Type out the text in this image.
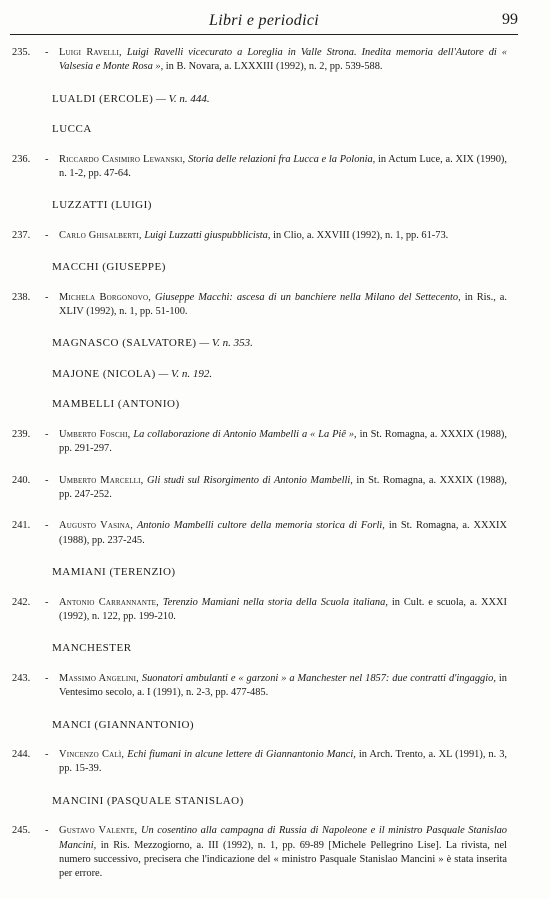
Libri e periodici	99
235.	- Luigi Ravelli, Luigi Ravelli vicecurato a Loreglia in Valle Strona. Inedita memoria dell'Autore di « Valsesia e Monte Rosa », in B. Novara, a. LXXXIII (1992), n. 2, pp. 539-588.
LUALDI (ERCOLE) — V. n. 444.
LUCCA
236.	- Riccardo Casimiro Lewanski, Storia delle relazioni fra Lucca e la Polonia, in Actum Luce, a. XIX (1990), n. 1-2, pp. 47-64.
LUZZATTI (LUIGI)
237.	- Carlo Ghisalberti, Luigi Luzzatti giuspubblicista, in Clio, a. XXVIII (1992), n. 1, pp. 61-73.
MACCHI (GIUSEPPE)
238.	- Michela Borgonovo, Giuseppe Macchi: ascesa di un banchiere nella Milano del Settecento, in Ris., a. XLIV (1992), n. 1, pp. 51-100.
MAGNASCO (SALVATORE) — V. n. 353.
MAJONE (NICOLA) — V. n. 192.
MAMBELLI (ANTONIO)
239.	- Umberto Foschi, La collaborazione di Antonio Mambelli a « La Piê », in St. Romagna, a. XXXIX (1988), pp. 291-297.
240.	- Umberto Marcelli, Gli studi sul Risorgimento di Antonio Mambelli, in St. Romagna, a. XXXIX (1988), pp. 247-252.
241.	- Augusto Vasina, Antonio Mambelli cultore della memoria storica di Forlì, in St. Romagna, a. XXXIX (1988), pp. 237-245.
MAMIANI (TERENZIO)
242.	- Antonio Carrannante, Terenzio Mamiani nella storia della Scuola italiana, in Cult. e scuola, a. XXXI (1992), n. 122, pp. 199-210.
MANCHESTER
243.	- Massimo Angelini, Suonatori ambulanti e « garzoni » a Manchester nel 1857: due contratti d'ingaggio, in Ventesimo secolo, a. I (1991), n. 2-3, pp. 477-485.
MANCI (GIANNANTONIO)
244.	- Vincenzo Calì, Echi fiumani in alcune lettere di Giannantonio Manci, in Arch. Trento, a. XL (1991), n. 3, pp. 15-39.
MANCINI (PASQUALE STANISLAO)
245.	- Gustavo Valente, Un cosentino alla campagna di Russia di Napoleone e il ministro Pasquale Stanislao Mancini, in Ris. Mezzogiorno, a. III (1992), n. 1, pp. 69-89 [Michele Pellegrino Lise]. La rivista, nel numero successivo, precisera che l'indicazione del « ministro Pasquale Stanislao Mancini » è stata inserita per errore.
